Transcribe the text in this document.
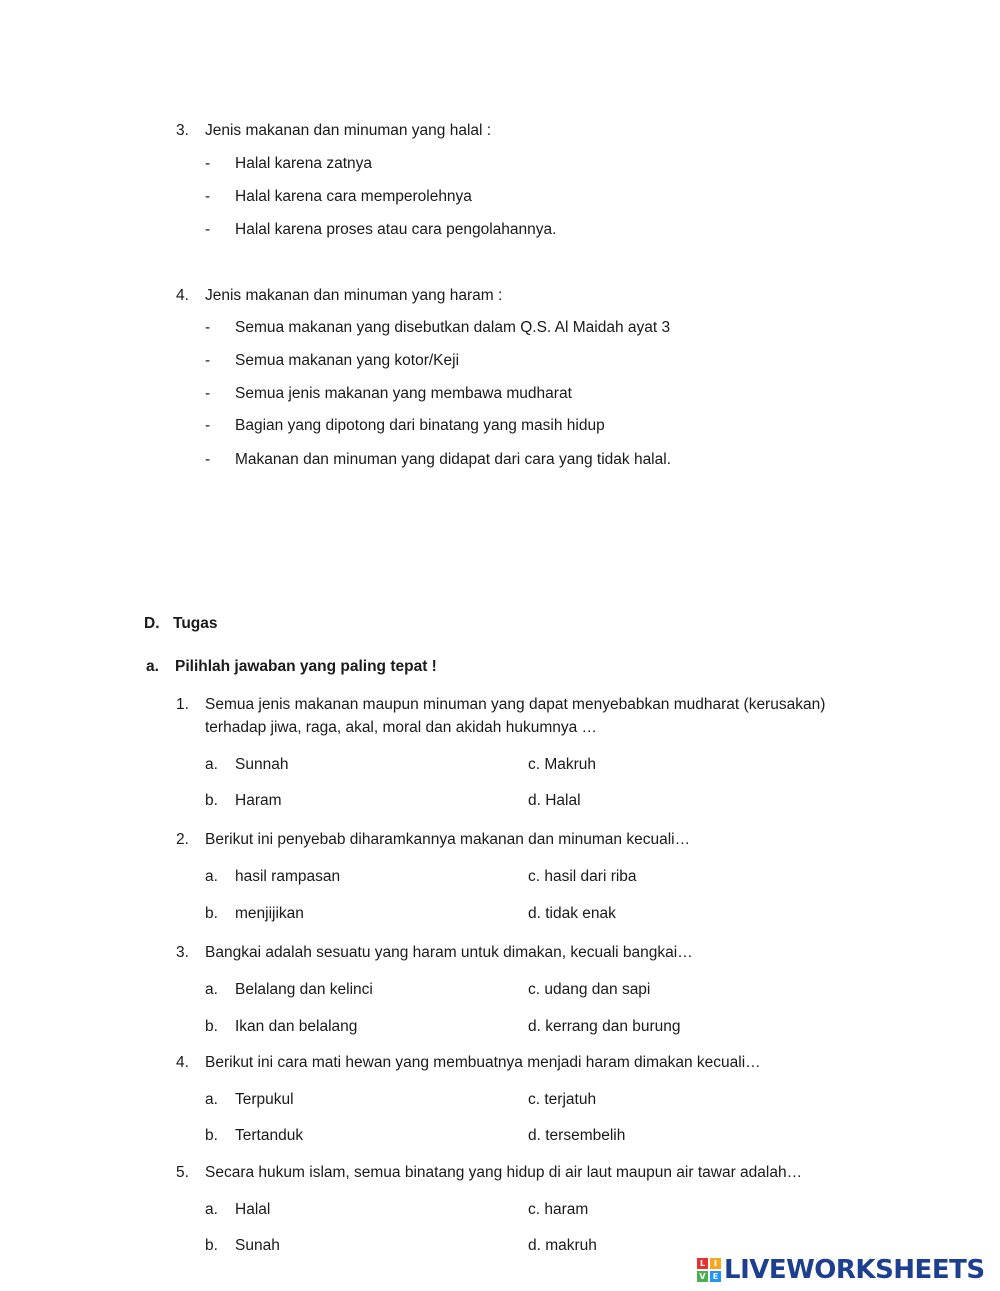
3. Jenis makanan dan minuman yang halal :
- Halal karena zatnya
- Halal karena cara memperolehnya
- Halal karena proses atau cara pengolahannya.
4. Jenis makanan dan minuman yang haram :
- Semua makanan yang disebutkan dalam Q.S. Al Maidah ayat 3
- Semua makanan yang kotor/Keji
- Semua jenis makanan yang membawa mudharat
- Bagian yang dipotong dari binatang yang masih hidup
- Makanan dan minuman yang didapat dari cara yang tidak halal.
D. Tugas
a. Pilihlah jawaban yang paling tepat !
1. Semua jenis makanan maupun minuman yang dapat menyebabkan mudharat (kerusakan)
terhadap jiwa, raga, akal, moral dan akidah hukumnya …
a. Sunnah	c. Makruh
b. Haram	d. Halal
2. Berikut ini penyebab diharamkannya makanan dan minuman kecuali…
a. hasil rampasan	c. hasil dari riba
b. menjijikan	d. tidak enak
3. Bangkai adalah sesuatu yang haram untuk dimakan, kecuali bangkai…
a. Belalang dan kelinci	c. udang dan sapi
b. Ikan dan belalang	d. kerrang dan burung
4. Berikut ini cara mati hewan yang membuatnya menjadi haram dimakan kecuali…
a. Terpukul	c. terjatuh
b. Tertanduk	d. tersembelih
5. Secara hukum islam, semua binatang yang hidup di air laut maupun air tawar adalah…
a. Halal	c. haram
b. Sunah	d. makruh
L	I
V E LIVEWORKSHEETS
